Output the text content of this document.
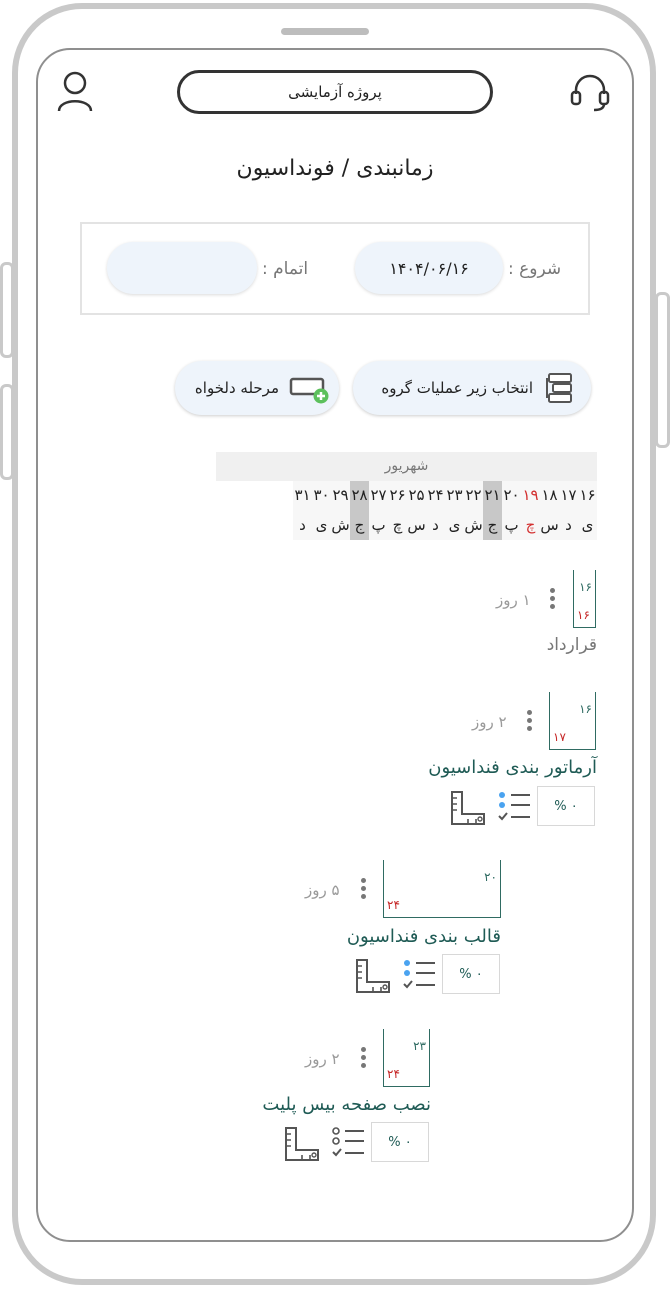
پروژه آزمایشی
زمانبندی / فونداسیون
شروع :
۱۴۰۴/۰۶/۱۶
اتمام :
انتخاب زیر عملیات گروه
مرحله دلخواه
شهریور
۱۶
ی
۱۷
د
۱۸
س
۱۹
چ
۲۰
پ
۲۱
ج
۲۲
ش
۲۳
ی
۲۴
د
۲۵
س
۲۶
چ
۲۷
پ
۲۸
ج
۲۹
ش
۳۰
ی
۳۱
د
۱۶
۱۶
۱ روز
قرارداد
۱۶
۱۷
۲ روز
آرماتور بندی فنداسیون
۰ %
۲۰
۲۴
۵ روز
قالب بندی فنداسیون
۰ %
۲۳
۲۴
۲ روز
نصب صفحه بیس پلیت
۰ %
